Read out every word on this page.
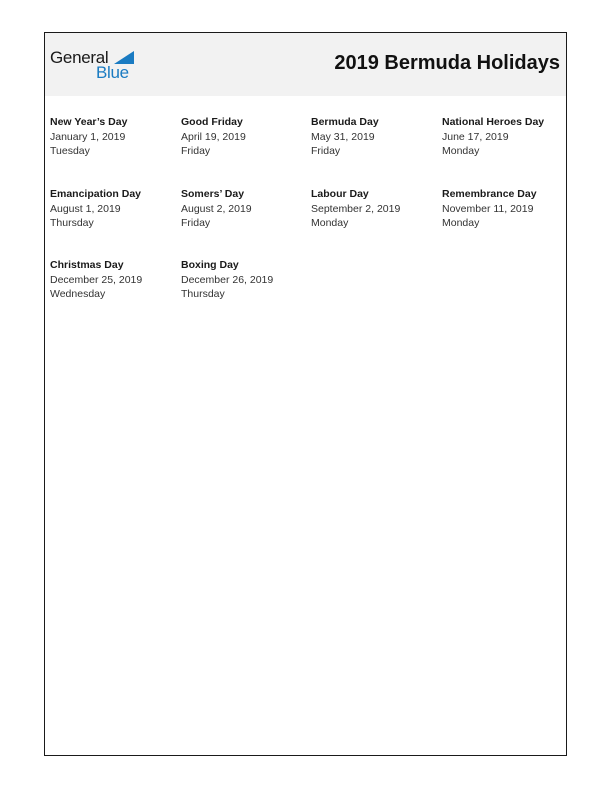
General
Blue	2019 Bermuda Holidays
New Year’s Day
January 1, 2019
Tuesday
Good Friday
April 19, 2019
Friday
Bermuda Day
May 31, 2019
Friday
National Heroes Day
June 17, 2019
Monday
Emancipation Day
August 1, 2019
Thursday
Somers’ Day
August 2, 2019
Friday
Labour Day
September 2, 2019
Monday
Remembrance Day
November 11, 2019
Monday
Christmas Day
December 25, 2019
Wednesday
Boxing Day
December 26, 2019
Thursday
